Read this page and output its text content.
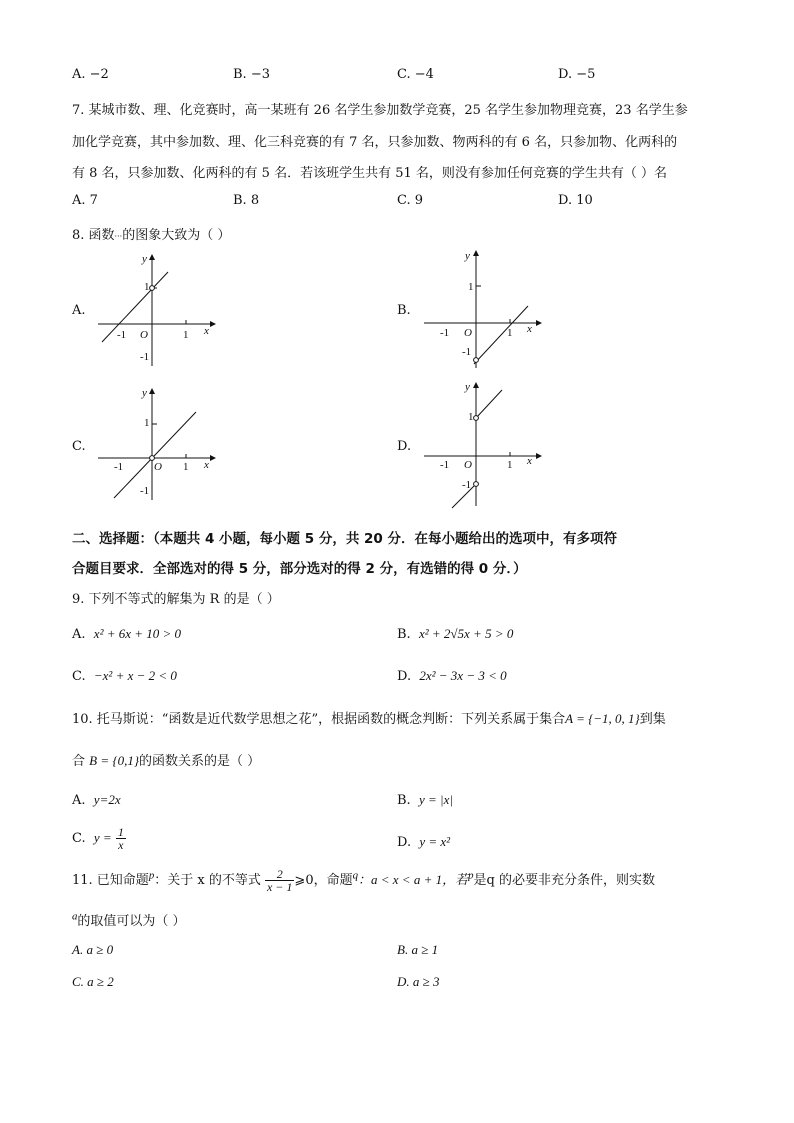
A. −2	B. −3	C. −4	D. −5
7. 某城市数、理、化竞赛时，高一某班有 26 名学生参加数学竞赛，25 名学生参加物理竞赛，23 名学生参
加化学竞赛，其中参加数、理、化三科竞赛的有 7 名，只参加数、物两科的有 6 名，只参加物、化两科的
有 8 名，只参加数、化两科的有 5 名．若该班学生共有 51 名，则没有参加任何竞赛的学生共有（ ）名
A. 7	B. 8	C. 9	D. 10
8. 函数···的图象大致为（ ）
A.
y
x
O
-1	1
1
-1
B.
y
x
O
-1	1
1
-1
C.
y
x
O
-1	1
1
-1
D.
y
x
O
-1	1
1
-1
二、选择题：（本题共 4 小题，每小题 5 分，共 20 分．在每小题给出的选项中，有多项符
合题目要求．全部选对的得 5 分，部分选对的得 2 分，有选错的得 0 分．）
9. 下列不等式的解集为 R 的是（ ）
A. x² + 6x + 10 > 0	B. x² + 2√5x + 5 > 0
C. −x² + x − 2 < 0	D. 2x² − 3x − 3 < 0
10. 托马斯说：“函数是近代数学思想之花”，根据函数的概念判断：下列关系属于集合A = {−1, 0, 1}到集
合 B = {0,1}的函数关系的是（ ）
A. y=2x	B. y = |x|
C. $y = \frac{1}{x}$	D. y = x²
11. 已知命题$^p$：关于 x 的不等式 $\frac{2}{x - 1}$ ⩾0，命题$^q$：a < x < a + 1，若$^p$是q 的必要非充分条件，则实数
$^a$的取值可以为（ ）
A. a ≥ 0	B. a ≥ 1
C. a ≥ 2	D. a ≥ 3
